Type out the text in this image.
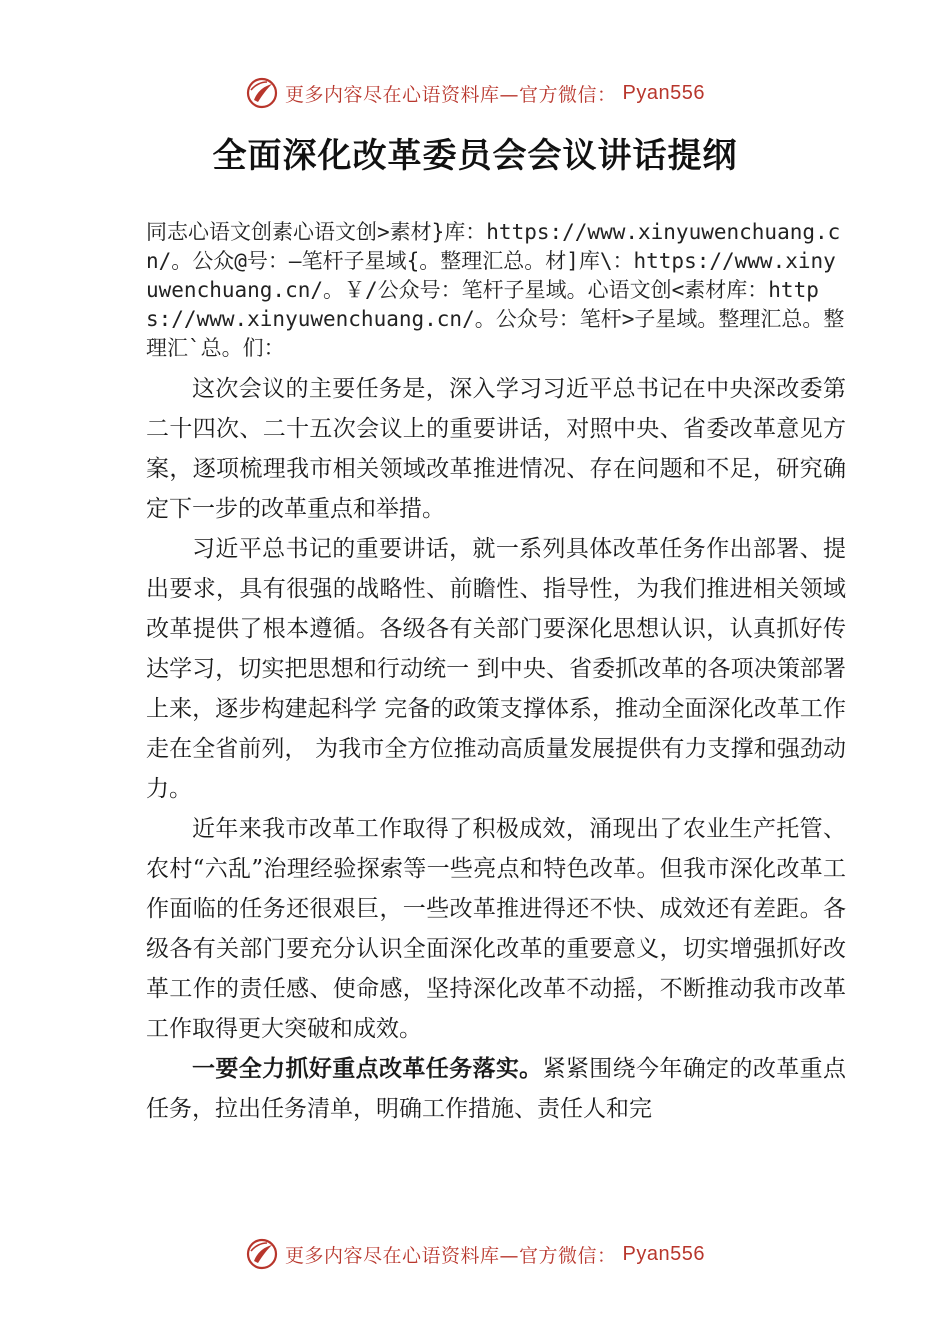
更多内容尽在心语资料库—官方微信： Pyan556
全面深化改革委员会会议讲话提纲

同志心语文创素心语文创>素材}库：https://www.xinyuwenchuang.cn/。公众@号：—笔杆子星域{。整理汇总。材]库\：https://www.xinyuwenchuang.cn/。￥/公众号：笔杆子星域。心语文创<素材库：https://www.xinyuwenchuang.cn/。公众号：笔杆>子星域。整理汇总。整理汇`总。们：

这次会议的主要任务是，深入学习习近平总书记在中央深改委第二十四次、二十五次会议上的重要讲话，对照中央、省委改革意见方案，逐项梳理我市相关领域改革推进情况、存在问题和不足，研究确定下一步的改革重点和举措。

习近平总书记的重要讲话，就一系列具体改革任务作出部署、提出要求，具有很强的战略性、前瞻性、指导性，为我们推进相关领域改革提供了根本遵循。各级各有关部门要深化思想认识，认真抓好传达学习，切实把思想和行动统一 到中央、省委抓改革的各项决策部署上来，逐步构建起科学 完备的政策支撑体系，推动全面深化改革工作走在全省前列， 为我市全方位推动高质量发展提供有力支撑和强劲动力。

近年来我市改革工作取得了积极成效，涌现出了农业生产托管、农村“六乱”治理经验探索等一些亮点和特色改革。但我市深化改革工作面临的任务还很艰巨，一些改革推进得还不快、成效还有差距。各级各有关部门要充分认识全面深化改革的重要意义，切实增强抓好改革工作的责任感、使命感，坚持深化改革不动摇，不断推动我市改革工作取得更大突破和成效。

一要全力抓好重点改革任务落实。紧紧围绕今年确定的改革重点任务，拉出任务清单，明确工作措施、责任人和完

更多内容尽在心语资料库—官方微信： Pyan556
